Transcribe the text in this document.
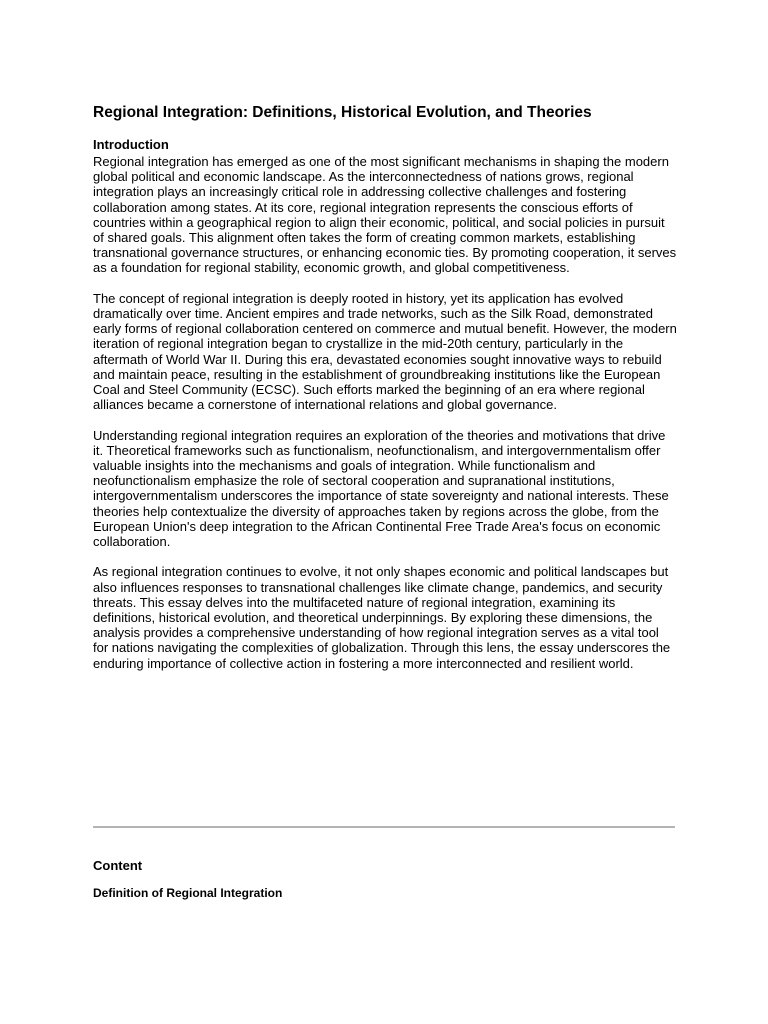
Regional Integration: Definitions, Historical Evolution, and Theories
Introduction

Regional integration has emerged as one of the most significant mechanisms in shaping the modern global political and economic landscape. As the interconnectedness of nations grows, regional integration plays an increasingly critical role in addressing collective challenges and fostering collaboration among states. At its core, regional integration represents the conscious efforts of countries within a geographical region to align their economic, political, and social policies in pursuit of shared goals. This alignment often takes the form of creating common markets, establishing transnational governance structures, or enhancing economic ties. By promoting cooperation, it serves as a foundation for regional stability, economic growth, and global competitiveness.

The concept of regional integration is deeply rooted in history, yet its application has evolved dramatically over time. Ancient empires and trade networks, such as the Silk Road, demonstrated early forms of regional collaboration centered on commerce and mutual benefit. However, the modern iteration of regional integration began to crystallize in the mid-20th century, particularly in the aftermath of World War II. During this era, devastated economies sought innovative ways to rebuild and maintain peace, resulting in the establishment of groundbreaking institutions like the European Coal and Steel Community (ECSC). Such efforts marked the beginning of an era where regional alliances became a cornerstone of international relations and global governance.

Understanding regional integration requires an exploration of the theories and motivations that drive it. Theoretical frameworks such as functionalism, neofunctionalism, and intergovernmentalism offer valuable insights into the mechanisms and goals of integration. While functionalism and neofunctionalism emphasize the role of sectoral cooperation and supranational institutions, intergovernmentalism underscores the importance of state sovereignty and national interests. These theories help contextualize the diversity of approaches taken by regions across the globe, from the European Union's deep integration to the African Continental Free Trade Area's focus on economic collaboration.

As regional integration continues to evolve, it not only shapes economic and political landscapes but also influences responses to transnational challenges like climate change, pandemics, and security threats. This essay delves into the multifaceted nature of regional integration, examining its definitions, historical evolution, and theoretical underpinnings. By exploring these dimensions, the analysis provides a comprehensive understanding of how regional integration serves as a vital tool for nations navigating the complexities of globalization. Through this lens, the essay underscores the enduring importance of collective action in fostering a more interconnected and resilient world.

Content
Definition of Regional Integration
